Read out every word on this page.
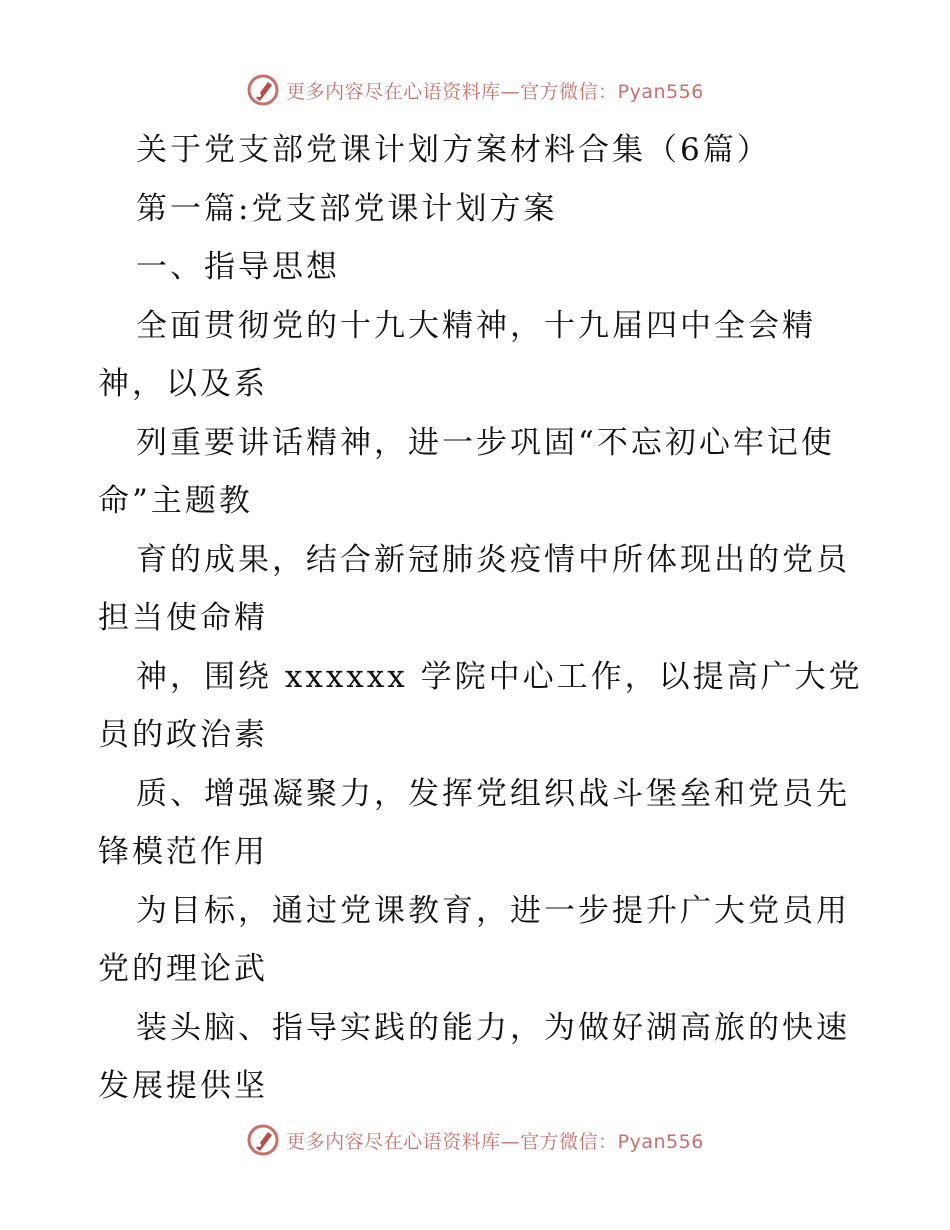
更多内容尽在心语资料库—官方微信：Pyan556
关于党支部党课计划方案材料合集（6篇）
第一篇:党支部党课计划方案
一、指导思想
全面贯彻党的十九大精神，十九届四中全会精
神，以及系
列重要讲话精神，进一步巩固“不忘初心牢记使
命”主题教
育的成果，结合新冠肺炎疫情中所体现出的党员
担当使命精
神，围绕 xxxxxx 学院中心工作，以提高广大党
员的政治素
质、增强凝聚力，发挥党组织战斗堡垒和党员先
锋模范作用
为目标，通过党课教育，进一步提升广大党员用
党的理论武
装头脑、指导实践的能力，为做好湖高旅的快速
发展提供坚
更多内容尽在心语资料库—官方微信：Pyan556
